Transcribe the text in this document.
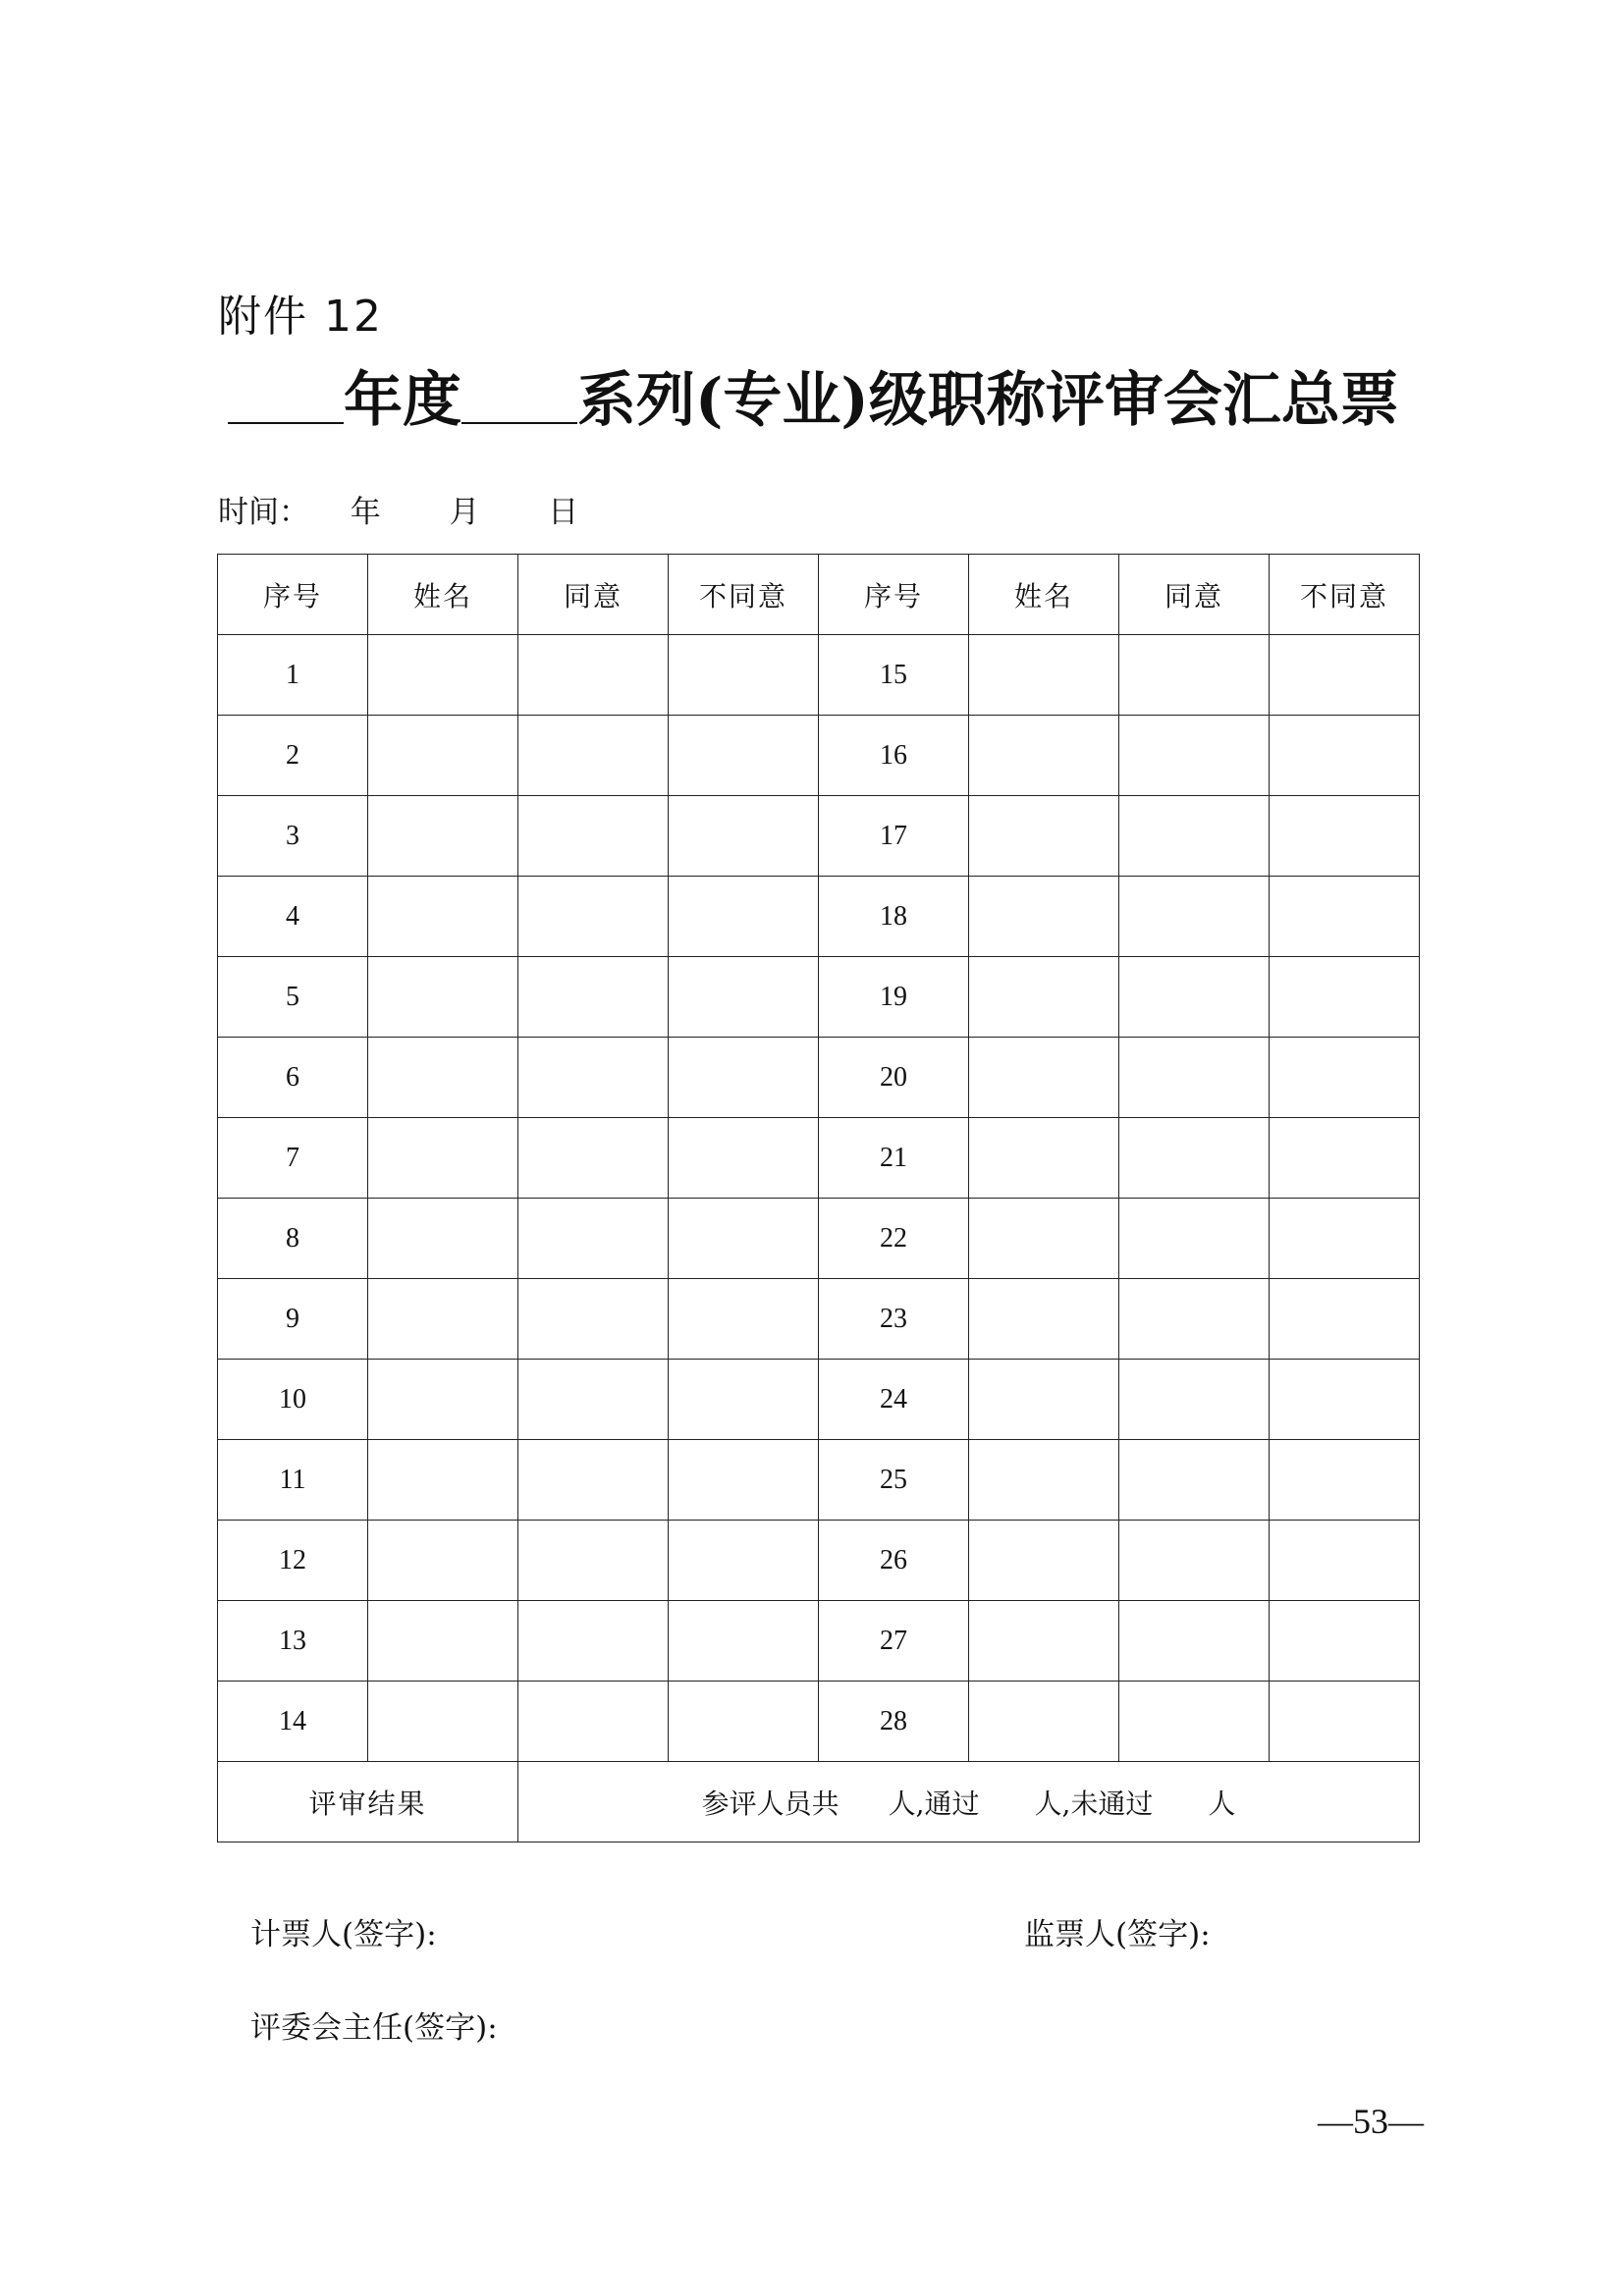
附件 12
年度 系列(专业)级职称评审会汇总票
时间： 年 月 日
序号	姓名	同意	不同意	序号	姓名	同意	不同意
1				15			
2				16			
3				17			
4				18			
5				19			
6				20			
7				21			
8				22			
9				23			
10				24			
11				25			
12				26			
13				27			
14				28			
评审结果		参评人员共 人,通过 人,未通过 人					
计票人(签字):	监票人(签字):
评委会主任(签字):
—53—
